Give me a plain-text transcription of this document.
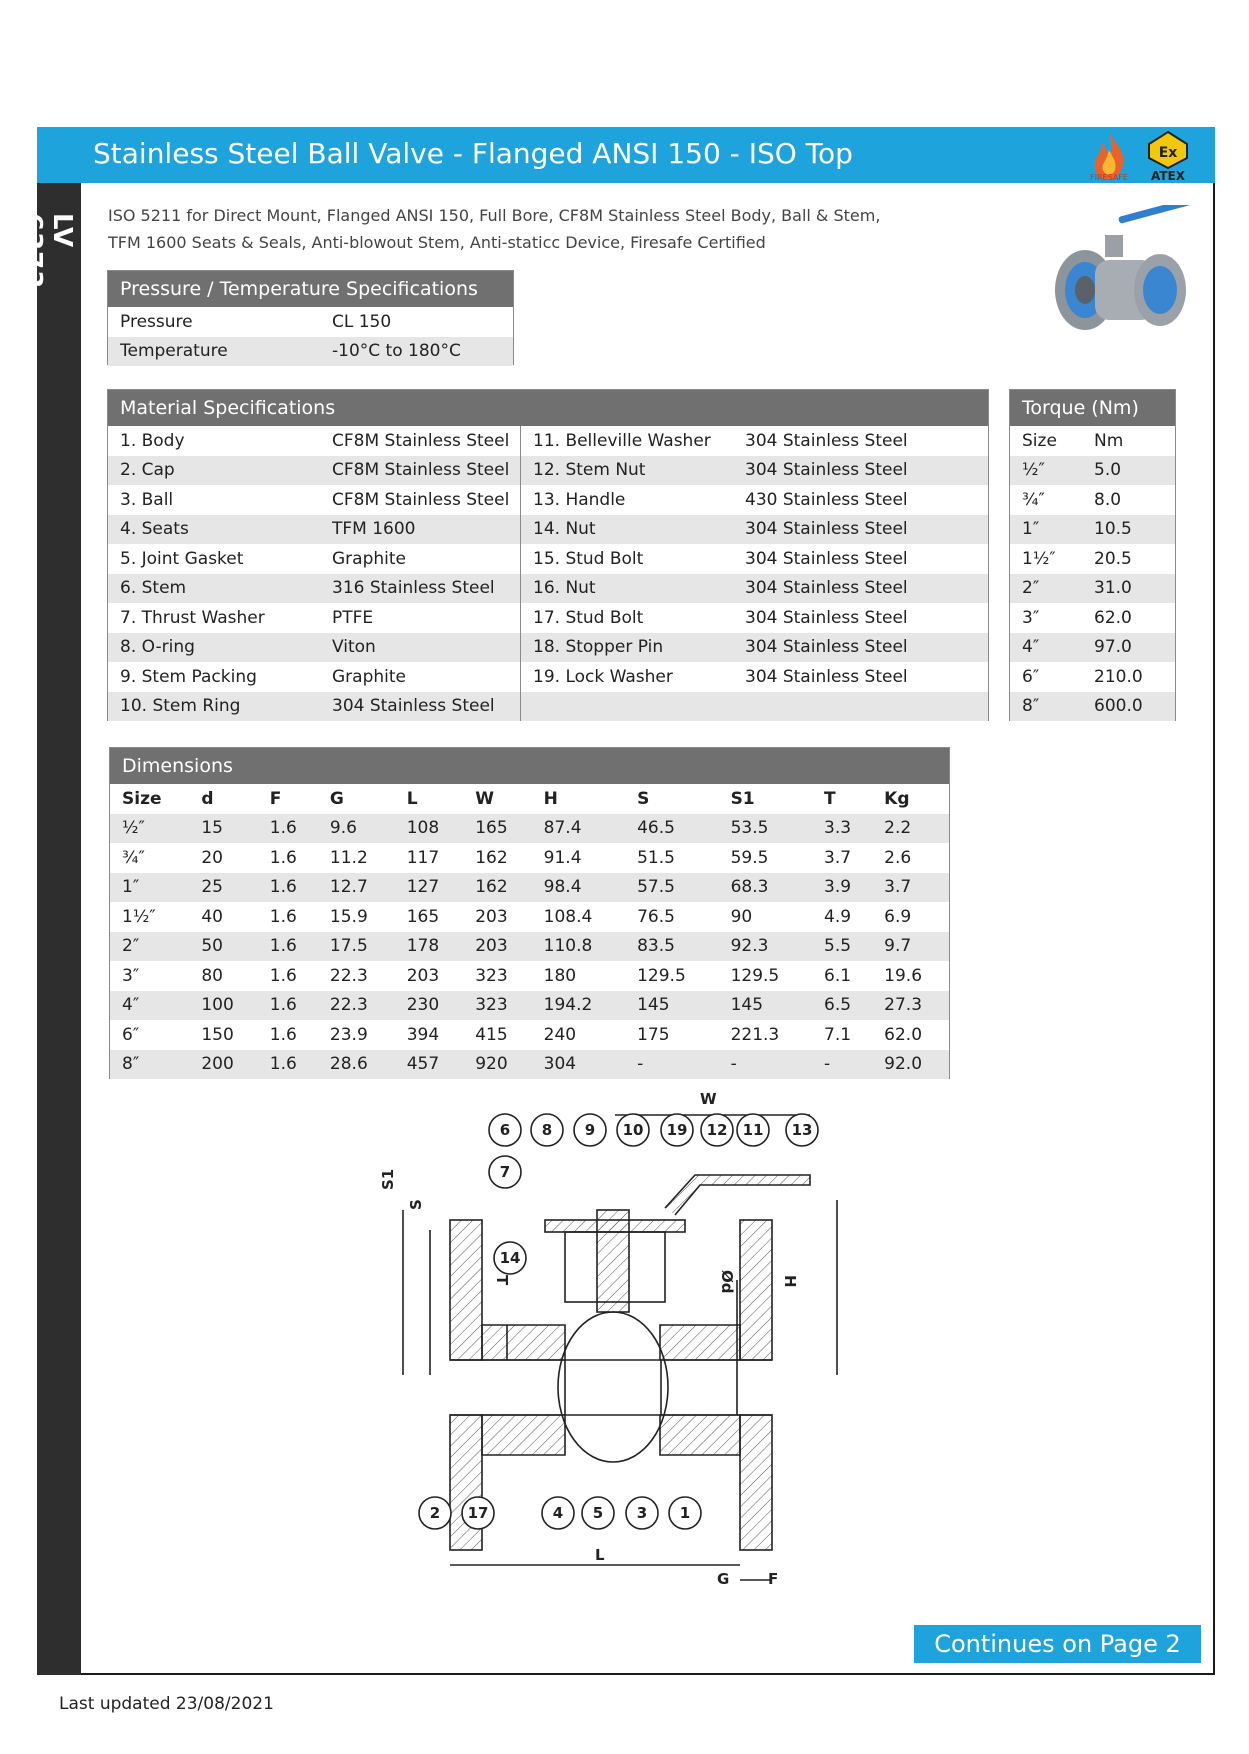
Stainless Steel Ball Valve - Flanged ANSI 150 - ISO Top
FIRESAFE
Ex
ATEX
LV 6373	ISO 5211 for Direct Mount, Flanged ANSI 150, Full Bore, CF8M Stainless Steel Body, Ball & Stem,
TFM 1600 Seats & Seals, Anti-blowout Stem, Anti-staticc Device, Firesafe Certified
Pressure / Temperature Specifications	
Pressure	CL 150
Temperature	-10°C to 180°C
Material Specifications			
1. Body	CF8M Stainless Steel	11. Belleville Washer	304 Stainless Steel
2. Cap	CF8M Stainless Steel	12. Stem Nut	304 Stainless Steel
3. Ball	CF8M Stainless Steel	13. Handle	430 Stainless Steel
4. Seats	TFM 1600	14. Nut	304 Stainless Steel
5. Joint Gasket	Graphite	15. Stud Bolt	304 Stainless Steel
6. Stem	316 Stainless Steel	16. Nut	304 Stainless Steel
7. Thrust Washer	PTFE	17. Stud Bolt	304 Stainless Steel
8. O-ring	Viton	18. Stopper Pin	304 Stainless Steel
9. Stem Packing	Graphite	19. Lock Washer	304 Stainless Steel
10. Stem Ring	304 Stainless Steel		
Torque (Nm)	
Size	Nm
½″	5.0
¾″	8.0
1″	10.5
1½″	20.5
2″	31.0
3″	62.0
4″	97.0
6″	210.0
8″	600.0
Dimensions										
Size	d	F	G	L	W	H	S	S1	T	Kg
½″	15	1.6	9.6	108	165	87.4	46.5	53.5	3.3	2.2
¾″	20	1.6	11.2	117	162	91.4	51.5	59.5	3.7	2.6
1″	25	1.6	12.7	127	162	98.4	57.5	68.3	3.9	3.7
1½″	40	1.6	15.9	165	203	108.4	76.5	90	4.9	6.9
2″	50	1.6	17.5	178	203	110.8	83.5	92.3	5.5	9.7
3″	80	1.6	22.3	203	323	180	129.5	129.5	6.1	19.6
4″	100	1.6	22.3	230	323	194.2	145	145	6.5	27.3
6″	150	1.6	23.9	394	415	240	175	221.3	7.1	62.0
8″	200	1.6	28.6	457	920	304	-	-	-	92.0
W
H
S1
S
T	Ød
L
G	F
6 8 9 10 19 12 11 13
7
14
2 17	4 5 3 1
Continues on Page 2
Last updated 23/08/2021
